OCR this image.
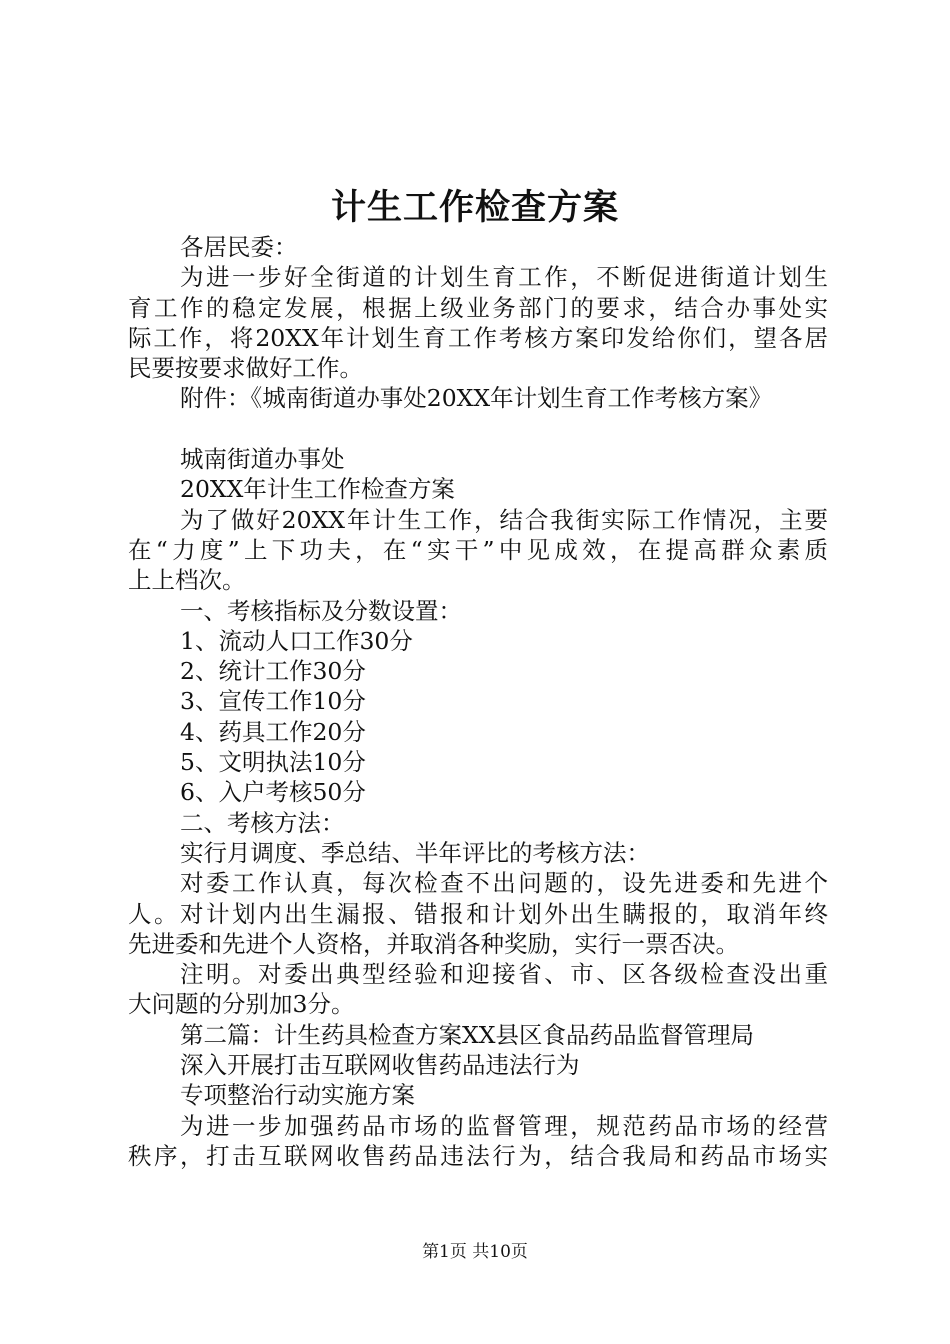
计生工作检查方案
各居民委：
为进一步好全街道的计划生育工作，不断促进街道计划生
育工作的稳定发展，根据上级业务部门的要求，结合办事处实
际工作，将20XX年计划生育工作考核方案印发给你们，望各居
民要按要求做好工作。
附件：《城南街道办事处20XX年计划生育工作考核方案》
城南街道办事处
20XX年计生工作检查方案
为了做好20XX年计生工作，结合我街实际工作情况，主要
在“力度”上下功夫，在“实干”中见成效，在提高群众素质
上上档次。
一、考核指标及分数设置：
1、流动人口工作30分
2、统计工作30分
3、宣传工作10分
4、药具工作20分
5、文明执法10分
6、入户考核50分
二、考核方法：
实行月调度、季总结、半年评比的考核方法：
对委工作认真，每次检查不出问题的，设先进委和先进个
人。对计划内出生漏报、错报和计划外出生瞒报的，取消年终
先进委和先进个人资格，并取消各种奖励，实行一票否决。
注明。对委出典型经验和迎接省、市、区各级检查没出重
大问题的分别加3分。
第二篇：计生药具检查方案XX县区食品药品监督管理局
深入开展打击互联网收售药品违法行为
专项整治行动实施方案
为进一步加强药品市场的监督管理，规范药品市场的经营
秩序，打击互联网收售药品违法行为，结合我局和药品市场实
第1页 共10页
